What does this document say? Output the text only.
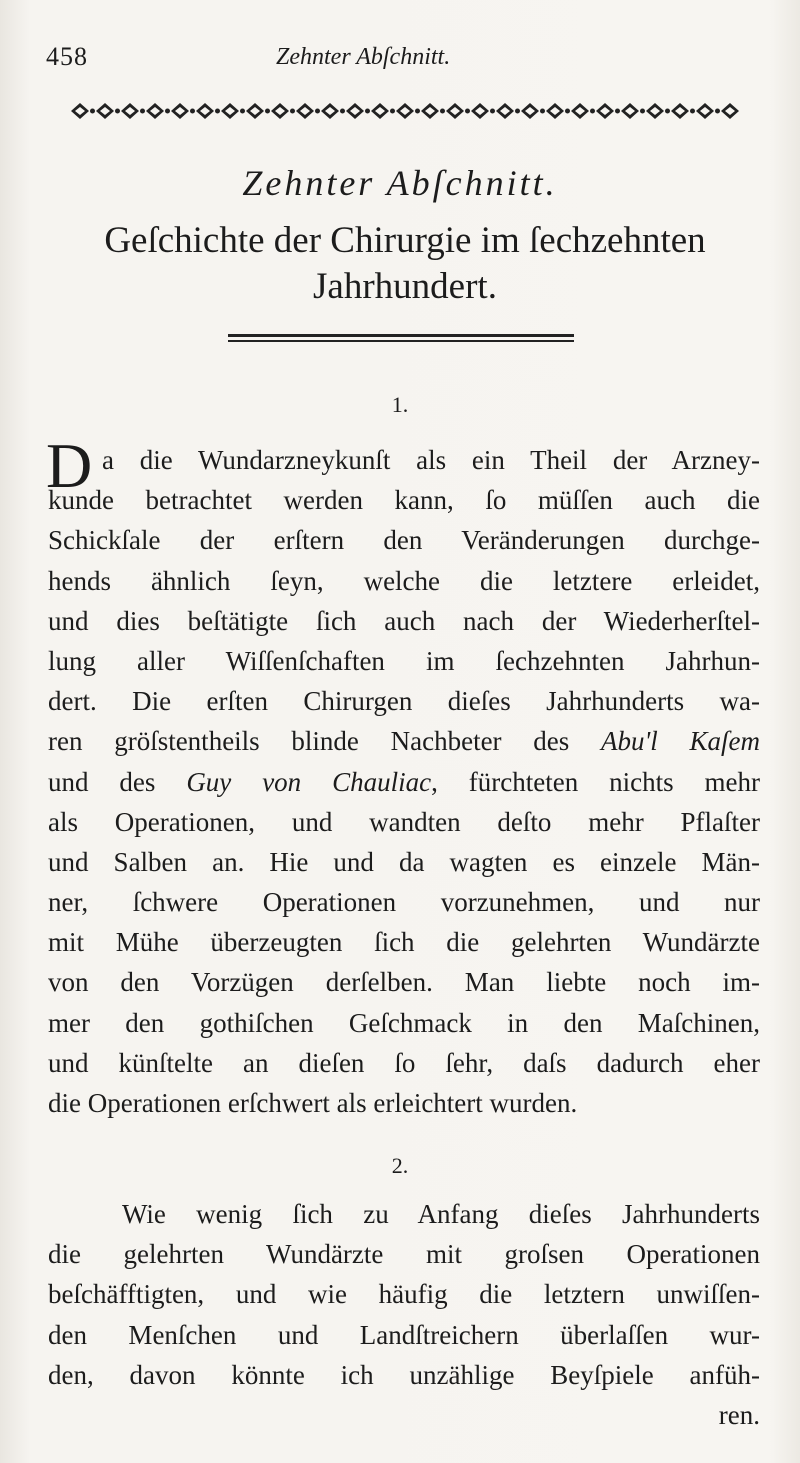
458	Zehnter Abſchnitt.
Zehnter Abſchnitt.
Geſchichte der Chirurgie im ſechzehnten
Jahrhundert.
1.
D a die Wundarzneykunſt als ein Theil der Arzney-
kunde betrachtet werden kann, ſo müſſen auch die
Schickſale der erſtern den Veränderungen durchge-
hends ähnlich ſeyn, welche die letztere erleidet,
und dies beſtätigte ſich auch nach der Wiederherſtel-
lung aller Wiſſenſchaften im ſechzehnten Jahrhun-
dert. Die erſten Chirurgen dieſes Jahrhunderts wa-
ren gröſstentheils blinde Nachbeter des Abu'l Kaſem
und des Guy von Chauliac, fürchteten nichts mehr
als Operationen, und wandten deſto mehr Pflaſter
und Salben an. Hie und da wagten es einzele Män-
ner, ſchwere Operationen vorzunehmen, und nur
mit Mühe überzeugten ſich die gelehrten Wundärzte
von den Vorzügen derſelben. Man liebte noch im-
mer den gothiſchen Geſchmack in den Maſchinen,
und künſtelte an dieſen ſo ſehr, daſs dadurch eher
die Operationen erſchwert als erleichtert wurden.
2.
Wie wenig ſich zu Anfang dieſes Jahrhunderts
die gelehrten Wundärzte mit groſsen Operationen
beſchäfftigten, und wie häufig die letztern unwiſſen-
den Menſchen und Landſtreichern überlaſſen wur-
den, davon könnte ich unzählige Beyſpiele anfüh-
ren.
